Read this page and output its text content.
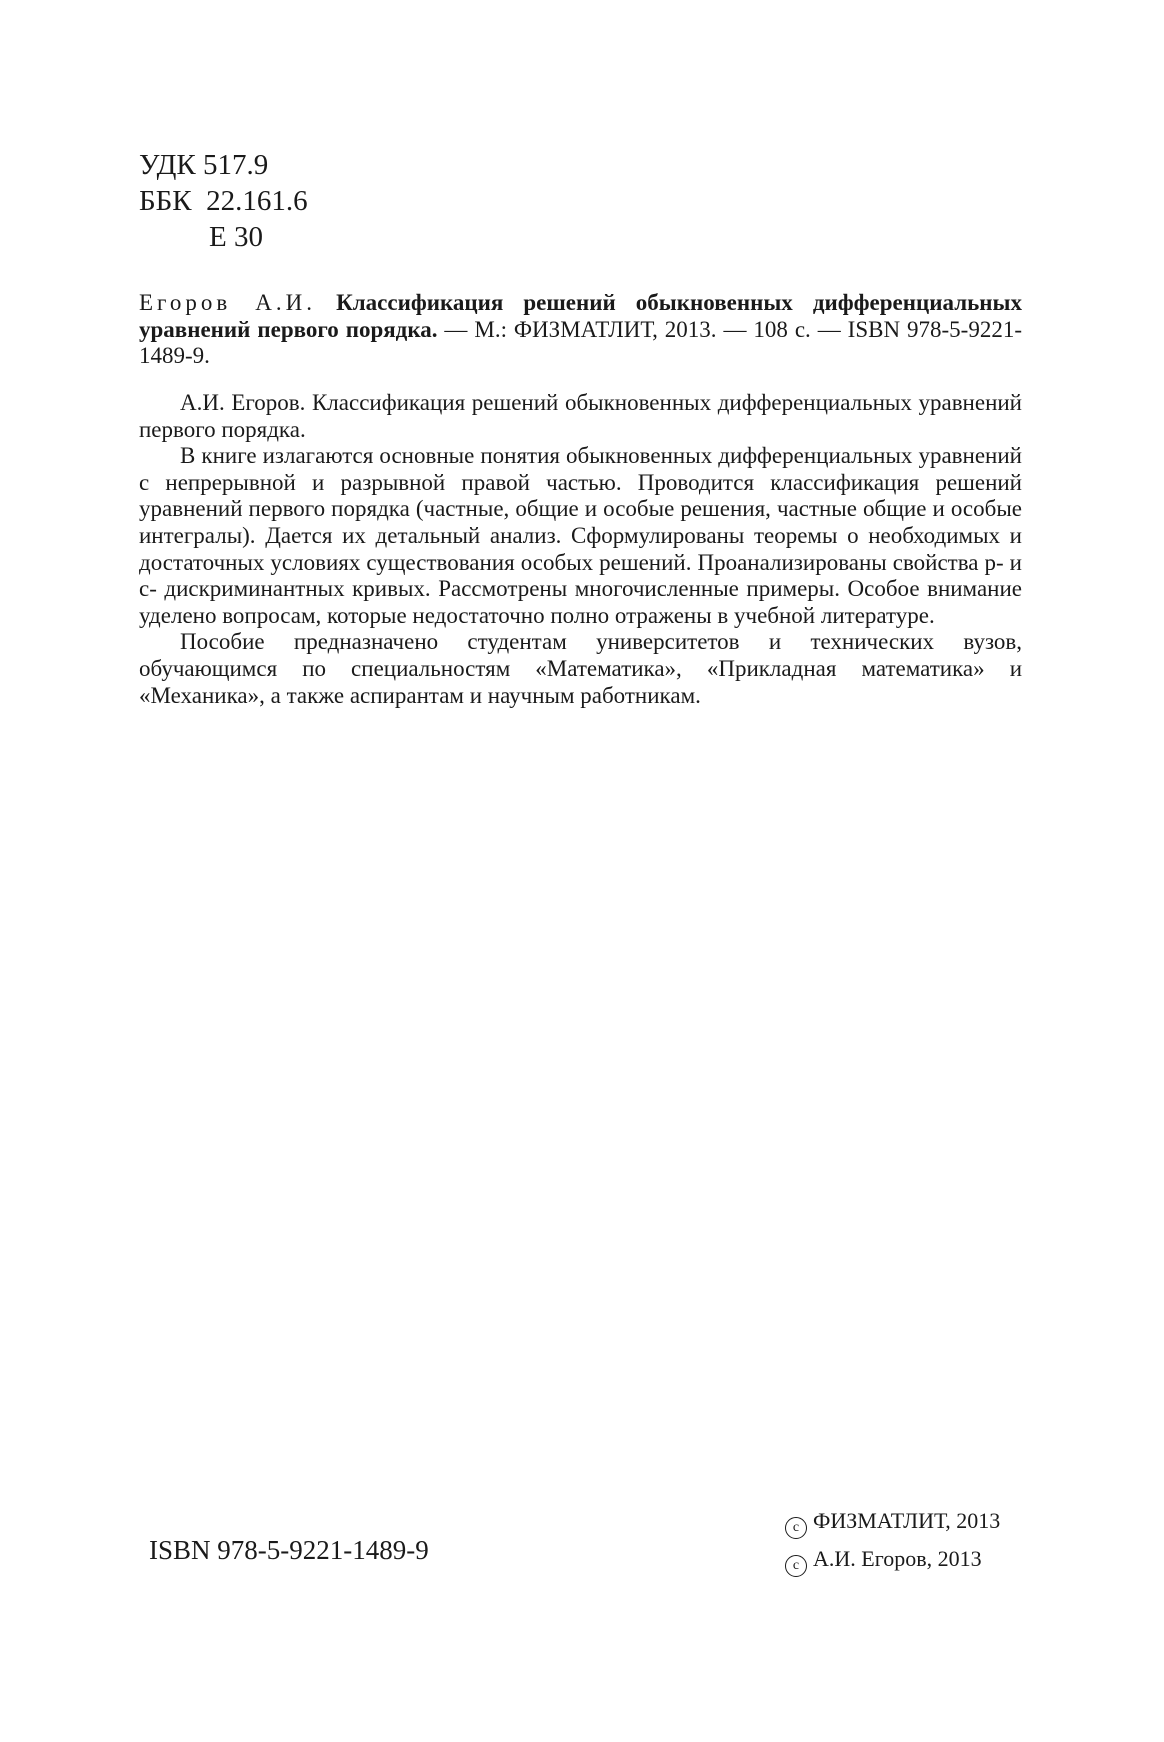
УДК 517.9
ББК  22.161.6
Е 30
Егоров А.И. Классификация решений обыкновенных дифференциальных уравнений первого порядка. — М.: ФИЗМАТЛИТ, 2013. — 108 с. — ISBN 978-5-9221-1489-9.

А.И. Егоров. Классификация решений обыкновенных дифференциальных уравнений первого порядка.

В книге излагаются основные понятия обыкновенных дифференциальных уравнений с непрерывной и разрывной правой частью. Проводится классификация решений уравнений первого порядка (частные, общие и особые решения, частные общие и особые интегралы). Дается их детальный анализ. Сформулированы теоремы о необходимых и достаточных условиях существования особых решений. Проанализированы свойства p- и c- дискриминантных кривых. Рассмотрены многочисленные примеры. Особое внимание уделено вопросам, которые недостаточно полно отражены в учебной литературе.

Пособие предназначено студентам университетов и технических вузов, обучающимся по специальностям «Математика», «Прикладная математика» и «Механика», а также аспирантам и научным работникам.

ISBN 978-5-9221-1489-9
c ФИЗМАТЛИТ, 2013
c А.И. Егоров, 2013
